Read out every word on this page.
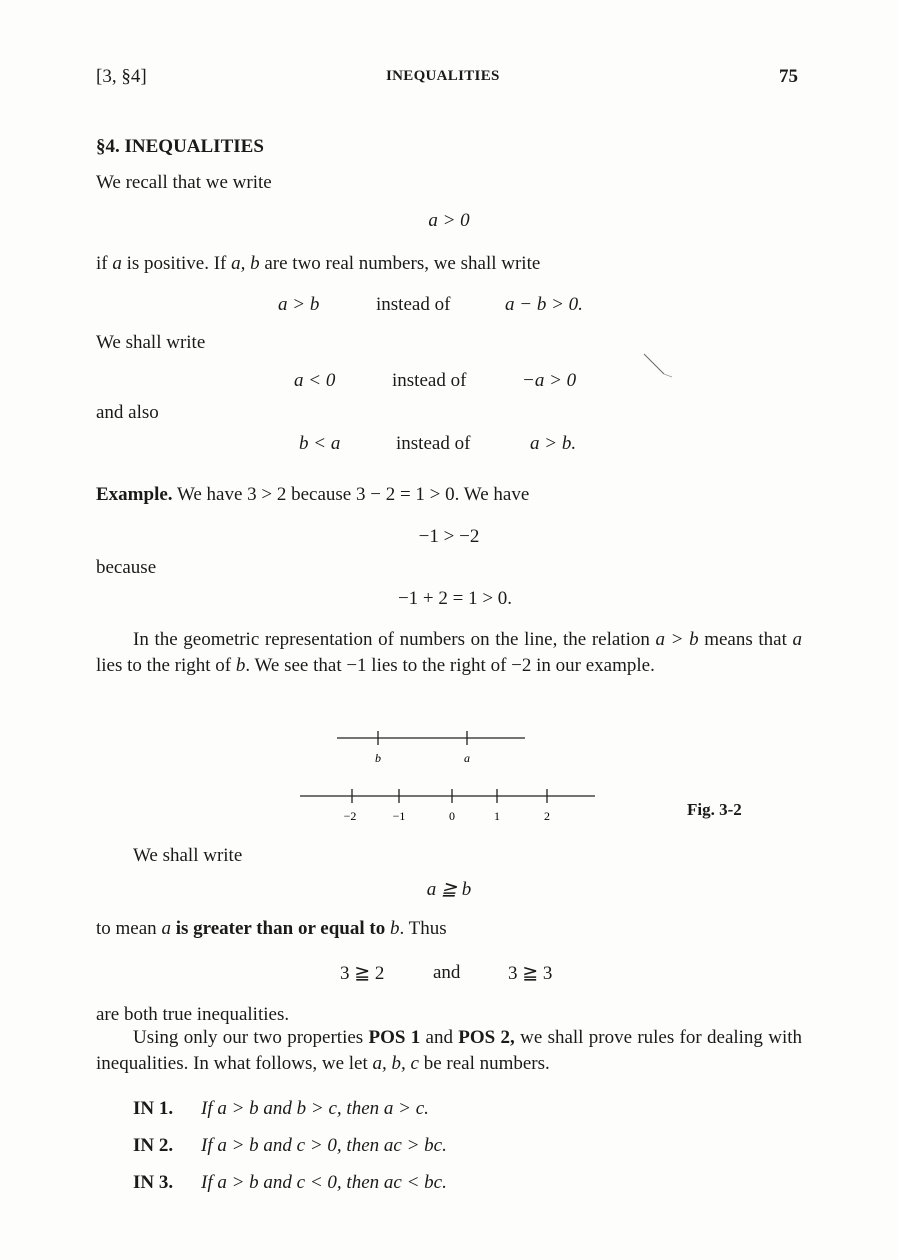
[3, §4]	INEQUALITIES	75
§4. INEQUALITIES
We recall that we write
a > 0
if a is positive. If a, b are two real numbers, we shall write
a > b	instead of	a − b > 0.
We shall write
a < 0	instead of	−a > 0
and also
b < a	instead of	a > b.
Example. We have 3 > 2 because 3 − 2 = 1 > 0. We have
−1 > −2
because
−1 + 2 = 1 > 0.
In the geometric representation of numbers on the line, the relation a > b means that a lies to the right of b. We see that −1 lies to the right of −2 in our example.
b	a
−2	−1	0	1	2	Fig. 3-2
We shall write
a ≧ b
to mean a is greater than or equal to b. Thus
3 ≧ 2	and	3 ≧ 3
are both true inequalities.
Using only our two properties POS 1 and POS 2, we shall prove rules for dealing with inequalities. In what follows, we let a, b, c be real numbers.
IN 1. If a > b and b > c, then a > c.
IN 2. If a > b and c > 0, then ac > bc.
IN 3. If a > b and c < 0, then ac < bc.
